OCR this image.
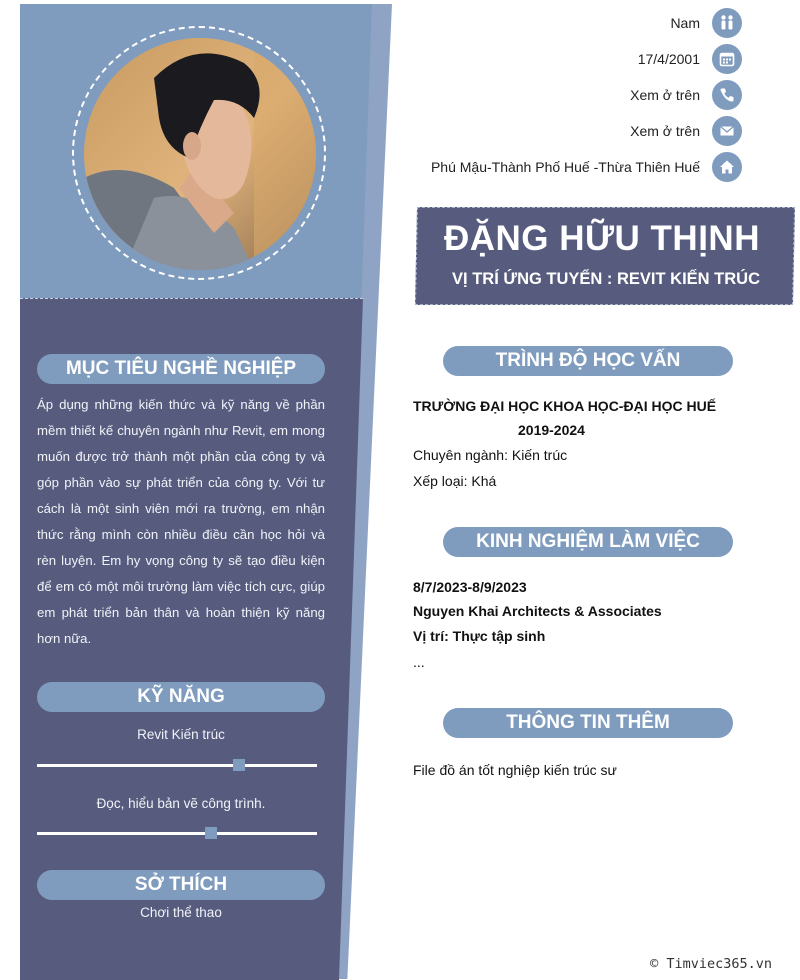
MỤC TIÊU NGHỀ NGHIỆP
Áp dụng những kiến thức và kỹ năng về phần mềm thiết kế chuyên ngành như Revit, em mong muốn được trở thành một phần của công ty và góp phần vào sự phát triển của công ty. Với tư cách là một sinh viên mới ra trường, em nhận thức rằng mình còn nhiều điều cần học hỏi và rèn luyện. Em hy vọng công ty sẽ tạo điều kiện để em có một môi trường làm việc tích cực, giúp em phát triển bản thân và hoàn thiện kỹ năng hơn nữa.
KỸ NĂNG
Revit Kiến trúc
Đọc, hiểu bản vẽ công trình.
SỞ THÍCH
Chơi thể thao
Nam
17/4/2001
Xem ở trên
Xem ở trên
Phú Mậu-Thành Phố Huế -Thừa Thiên Huế
ĐẶNG HỮU THỊNH
VỊ TRÍ ỨNG TUYỂN : REVIT KIẾN TRÚC
TRÌNH ĐỘ HỌC VẤN
TRƯỜNG ĐẠI HỌC KHOA HỌC-ĐẠI HỌC HUẾ
2019-2024
Chuyên ngành: Kiến trúc
Xếp loại: Khá
KINH NGHIỆM LÀM VIỆC
8/7/2023-8/9/2023
Nguyen Khai Architects & Associates
Vị trí: Thực tập sinh
...
THÔNG TIN THÊM
File đồ án tốt nghiệp kiến trúc sư
© Timviec365.vn
